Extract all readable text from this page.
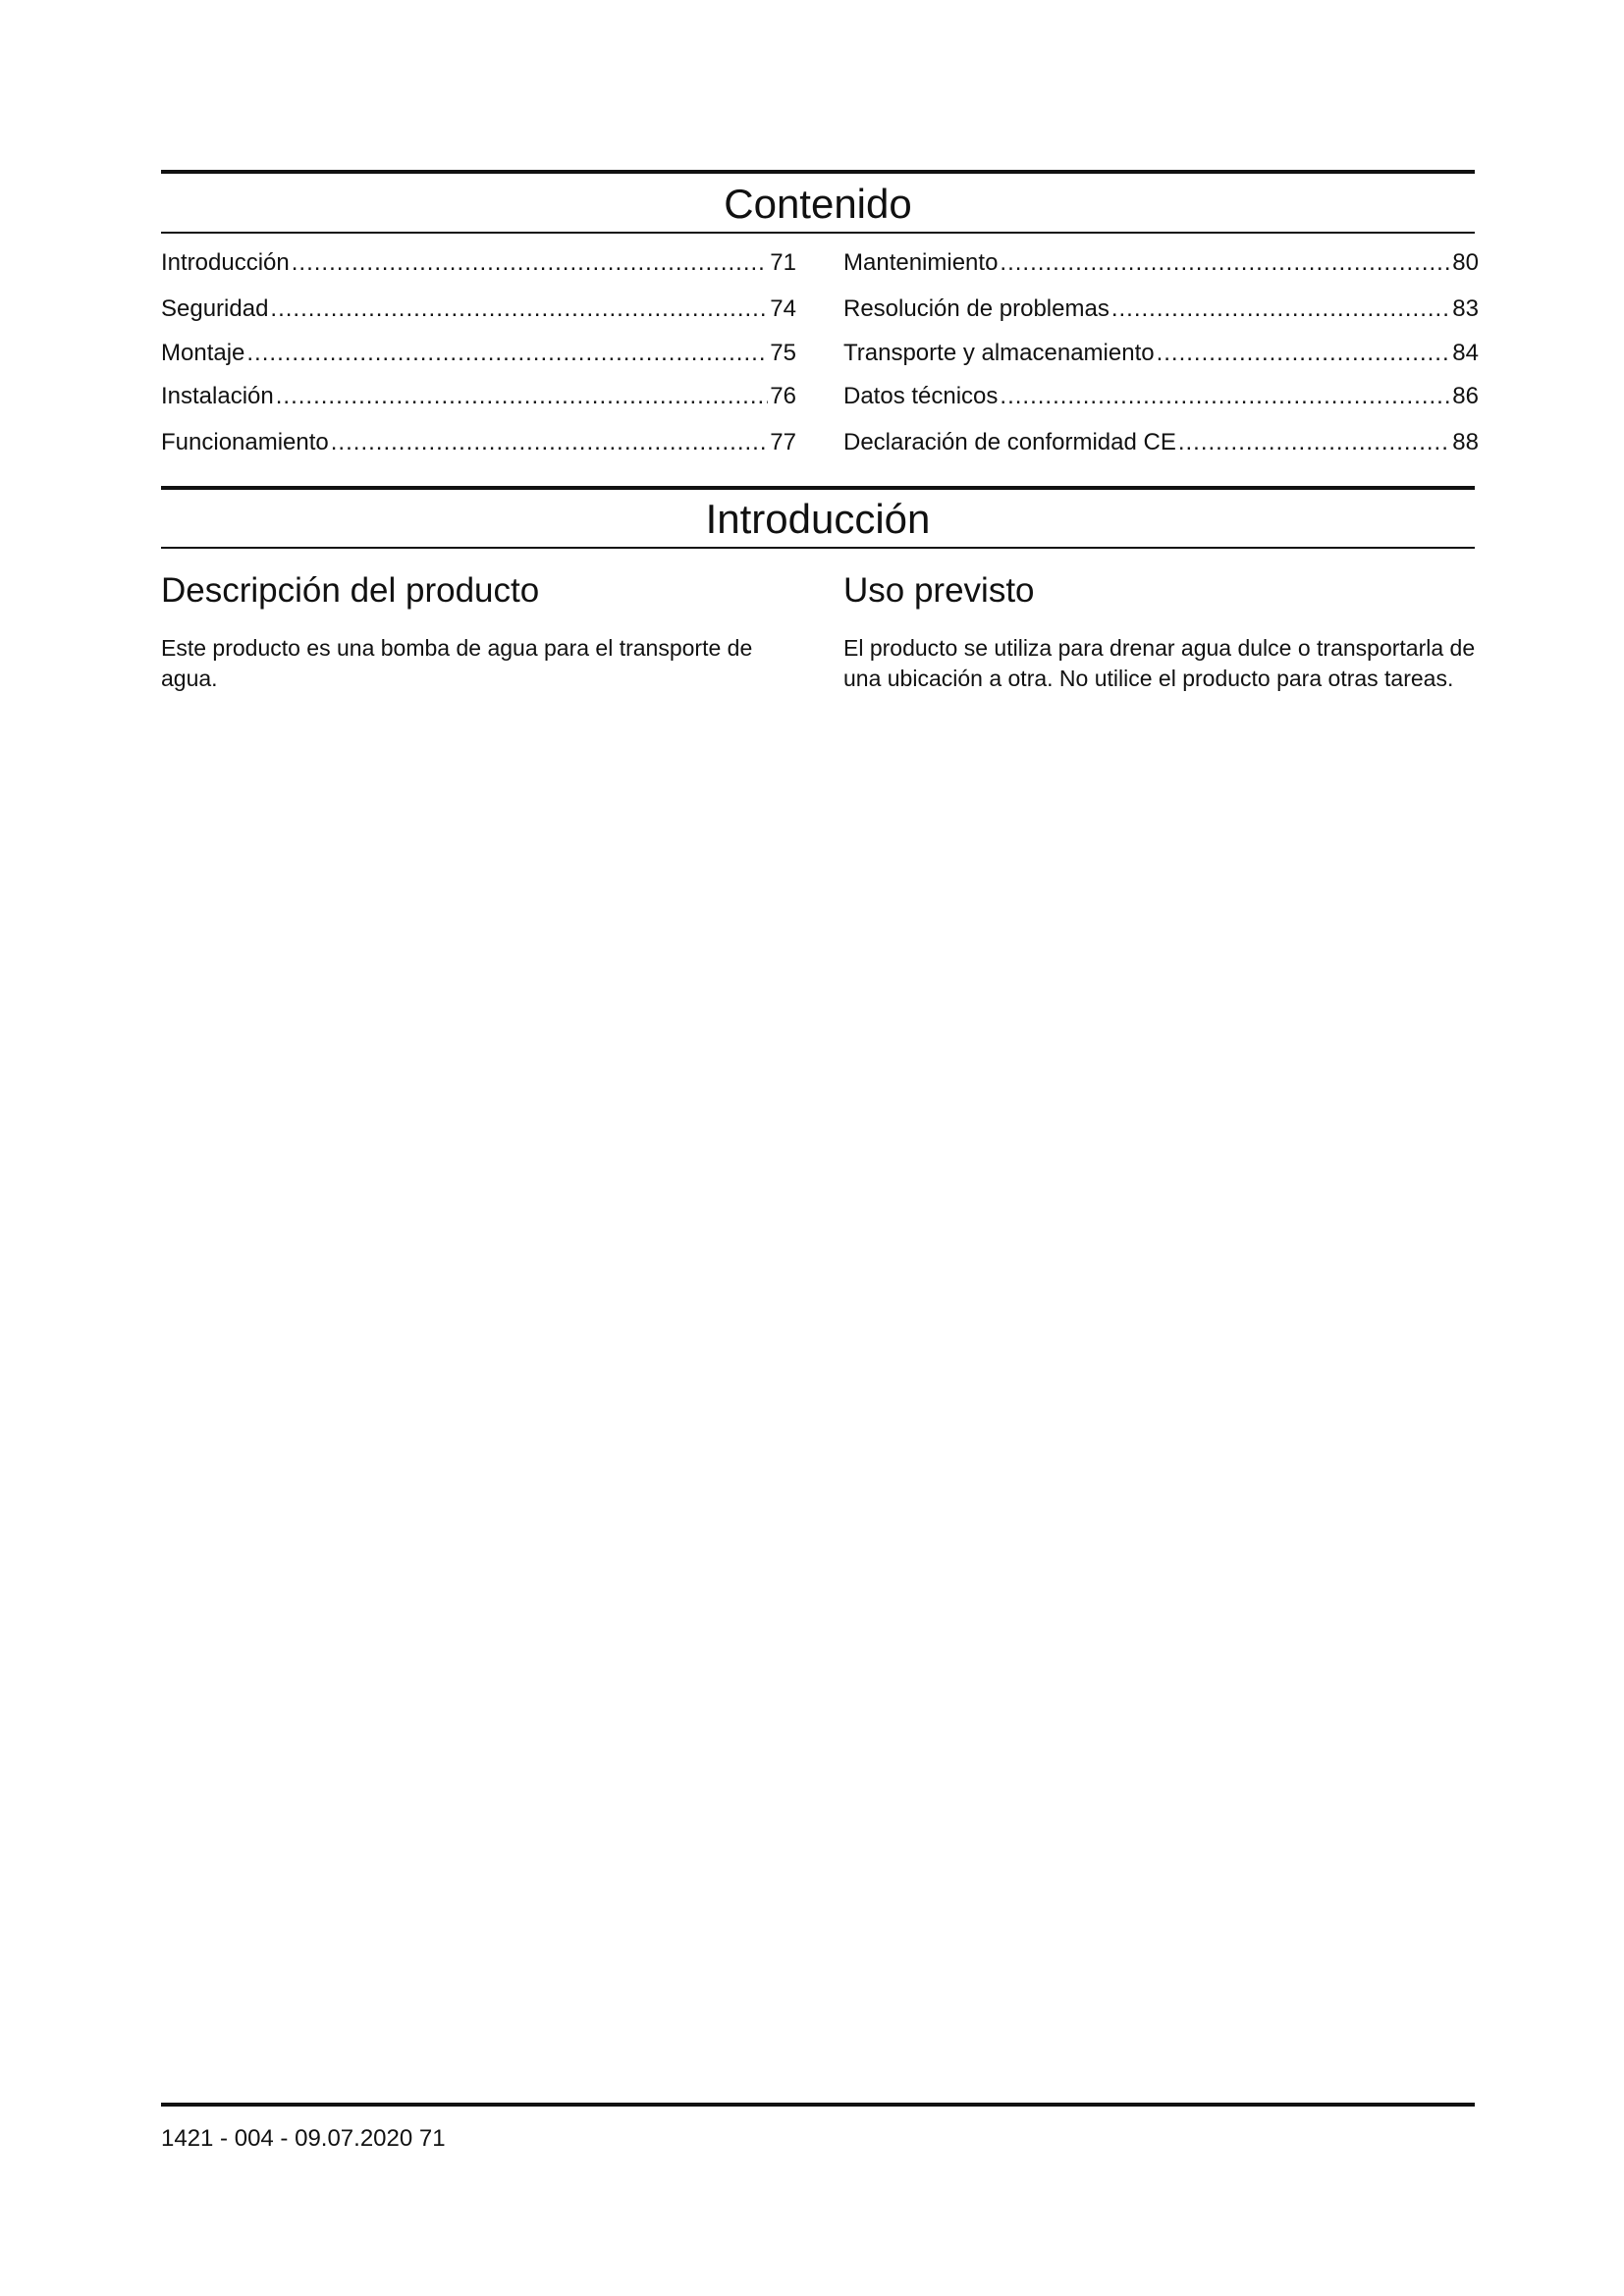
Contenido
Introducción .....	71
Seguridad .....	74
Montaje .....	75
Instalación .....	76
Funcionamiento .....	77
Mantenimiento .....	80
Resolución de problemas .....	83
Transporte y almacenamiento .....	84
Datos técnicos .....	86
Declaración de conformidad CE .....	88
Introducción
Descripción del producto

Este producto es una bomba de agua para el transporte de agua.

Uso previsto

El producto se utiliza para drenar agua dulce o transportarla de una ubicación a otra. No utilice el producto para otras tareas.

1421 - 004 - 09.07.2020 71
